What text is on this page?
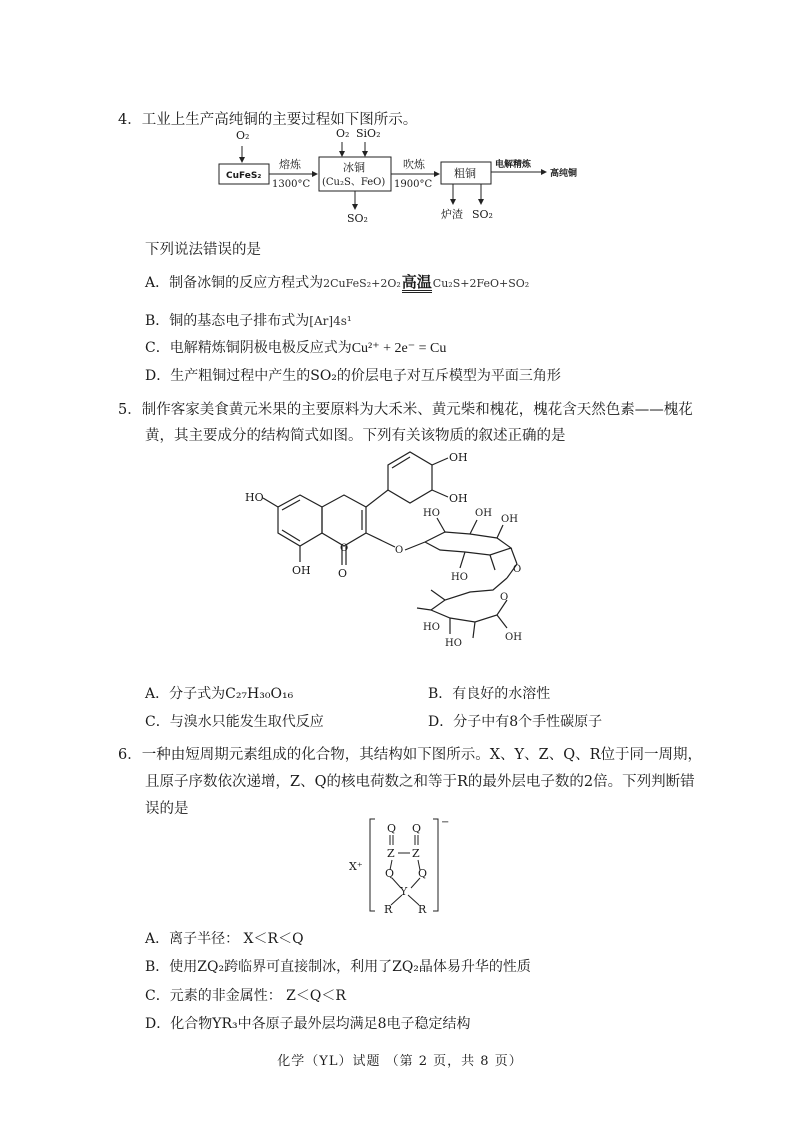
4．工业上生产高纯铜的主要过程如下图所示。
O₂
CuFeS₂
熔炼
1300°C
O₂ SiO₂
冰铜
(Cu₂S、FeO)
SO₂
吹炼
1900°C
粗铜
炉渣 SO₂
电解精炼
高纯铜
下列说法错误的是
A．制备冰铜的反应方程式为2CuFeS₂+2O₂高温Cu₂S+2FeO+SO₂
B．铜的基态电子排布式为[Ar]4s¹
C．电解精炼铜阴极电极反应式为Cu²⁺ + 2e⁻ = Cu
D．生产粗铜过程中产生的SO₂的价层电子对互斥模型为平面三角形
5．制作客家美食黄元米果的主要原料为大禾米、黄元柴和槐花，槐花含天然色素——槐花
黄，其主要成分的结构简式如图。下列有关该物质的叙述正确的是
HO
OH O
O
OH
OH
O
HO	OH
OH
HO
O
O
HO
HO
OH
A．分子式为C₂₇H₃₀O₁₆	B．有良好的水溶性
C．与溴水只能发生取代反应	D．分子中有8个手性碳原子
6．一种由短周期元素组成的化合物，其结构如下图所示。X、Y、Z、Q、R位于同一周期，
且原子序数依次递增，Z、Q的核电荷数之和等于R的最外层电子数的2倍。下列判断错
误的是
X⁺
−
Q Q
Z Z
Q Q
Y
R R
A．离子半径： X＜R＜Q
B．使用ZQ₂跨临界可直接制冰，利用了ZQ₂晶体易升华的性质
C．元素的非金属性： Z＜Q＜R
D．化合物YR₃中各原子最外层均满足8电子稳定结构
化学（YL）试题 （第 2 页，共 8 页）
